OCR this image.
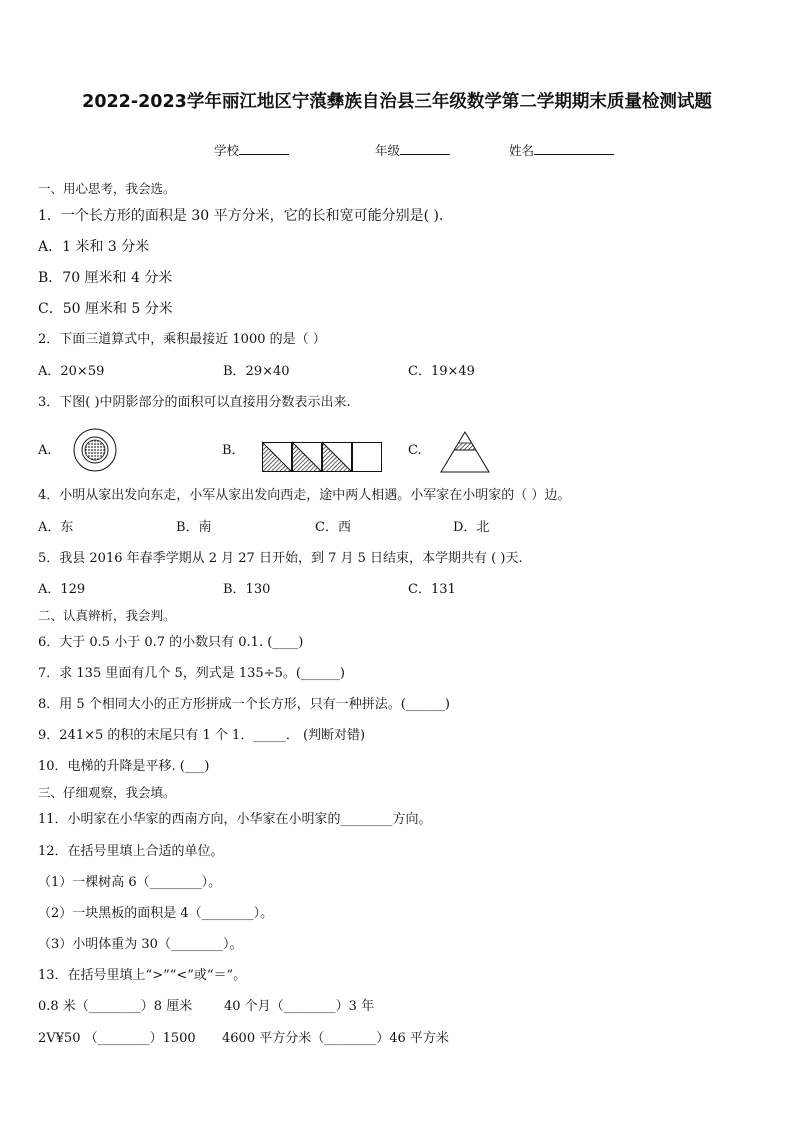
2022-2023学年丽江地区宁蒗彝族自治县三年级数学第二学期期末质量检测试题
学校	年级	姓名
一、用心思考，我会选。
1．一个长方形的面积是 30 平方分米，它的长和宽可能分别是( )．
A．1 米和 3 分米
B．70 厘米和 4 分米
C．50 厘米和 5 分米
2．下面三道算式中，乘积最接近 1000 的是（ ）
A．20×59	B．29×40	C．19×49
3．下图( )中阴影部分的面积可以直接用分数表示出来.
A.	B．	C.
4．小明从家出发向东走，小军从家出发向西走，途中两人相遇。小军家在小明家的（ ）边。
A．东	B．南	C．西	D．北
5．我县 2016 年春季学期从 2 月 27 日开始，到 7 月 5 日结束，本学期共有 ( )天.
A．129	B．130	C．131
二、认真辨析，我会判。
6．大于 0.5 小于 0.7 的小数只有 0.1. (____)
7．求 135 里面有几个 5，列式是 135÷5。(______)
8．用 5 个相同大小的正方形拼成一个长方形，只有一种拼法。(______)
9．241×5 的积的末尾只有 1 个 1．_____． (判断对错)
10．电梯的升降是平移. (___)
三、仔细观察，我会填。
11．小明家在小华家的西南方向，小华家在小明家的________方向。
12．在括号里填上合适的单位。
（1）一棵树高 6（________）。
（2）一块黑板的面积是 4（________）。
（3）小明体重为 30（________）。
13．在括号里填上“>”“<”或“＝”。
0.8 米（________）8 厘米 40 个月（________）3 年
2V¥50 （________）1500 4600 平方分米（________）46 平方米
